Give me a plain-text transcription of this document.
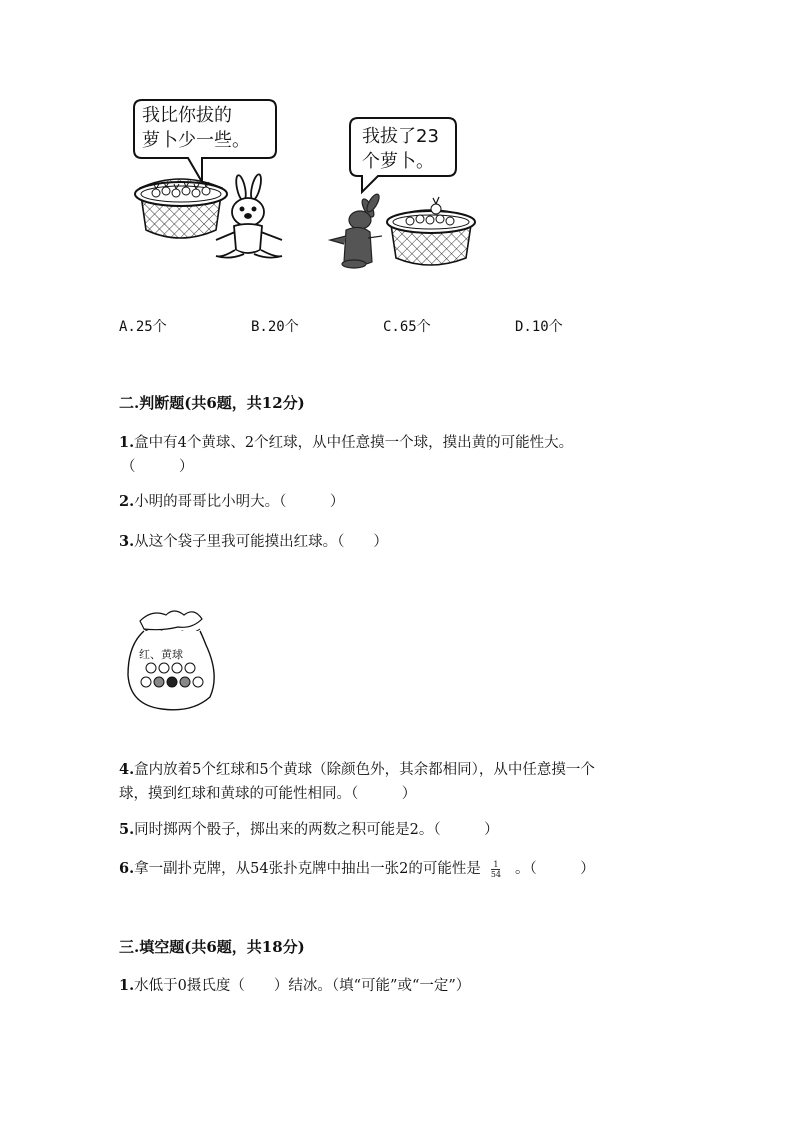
我比你拔的
萝卜少一些。	我拔了23
个萝卜。
A.25个	B.20个	C.65个	D.10个
二.判断题(共6题，共12分)
1.盒中有4个黄球、2个红球，从中任意摸一个球，摸出黄的可能性大。
（　　　）
2.小明的哥哥比小明大。（　　　）
3.从这个袋子里我可能摸出红球。（　　）
红、黄球
4.盒内放着5个红球和5个黄球（除颜色外，其余都相同），从中任意摸一个
球，摸到红球和黄球的可能性相同。（　　　）
5.同时掷两个骰子，掷出来的两数之积可能是2。（　　　）
6.拿一副扑克牌，从54张扑克牌中抽出一张2的可能性是 $\frac{1}{54}$ 。（　　　）
三.填空题(共6题，共18分)
1.水低于0摄氏度（　　）结冰。（填“可能”或“一定”）
